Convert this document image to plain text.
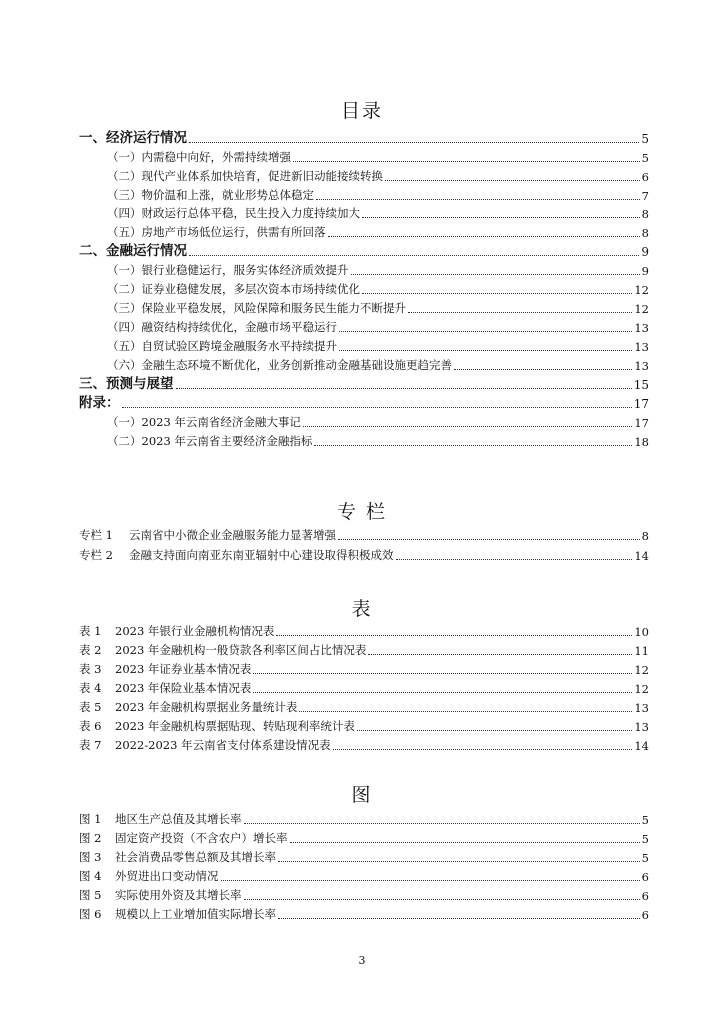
目录
一、经济运行情况	5
（一）内需稳中向好，外需持续增强	5
（二）现代产业体系加快培育，促进新旧动能接续转换	6
（三）物价温和上涨，就业形势总体稳定	7
（四）财政运行总体平稳，民生投入力度持续加大	8
（五）房地产市场低位运行，供需有所回落	8
二、金融运行情况	9
（一）银行业稳健运行，服务实体经济质效提升	9
（二）证券业稳健发展，多层次资本市场持续优化	12
（三）保险业平稳发展，风险保障和服务民生能力不断提升	12
（四）融资结构持续优化，金融市场平稳运行	13
（五）自贸试验区跨境金融服务水平持续提升	13
（六）金融生态环境不断优化，业务创新推动金融基础设施更趋完善	13
三、预测与展望	15
附录：	17
（一）2023 年云南省经济金融大事记	17
（二）2023 年云南省主要经济金融指标	18
专 栏
专栏 1 云南省中小微企业金融服务能力显著增强	8
专栏 2 金融支持面向南亚东南亚辐射中心建设取得积极成效	14
表
表 1 2023 年银行业金融机构情况表	10
表 2 2023 年金融机构一般贷款各利率区间占比情况表	11
表 3 2023 年证券业基本情况表	12
表 4 2023 年保险业基本情况表	12
表 5 2023 年金融机构票据业务量统计表	13
表 6 2023 年金融机构票据贴现、转贴现利率统计表	13
表 7 2022-2023 年云南省支付体系建设情况表	14
图
图 1 地区生产总值及其增长率	5
图 2 固定资产投资（不含农户）增长率	5
图 3 社会消费品零售总额及其增长率	5
图 4 外贸进出口变动情况	6
图 5 实际使用外资及其增长率	6
图 6 规模以上工业增加值实际增长率	6
3
